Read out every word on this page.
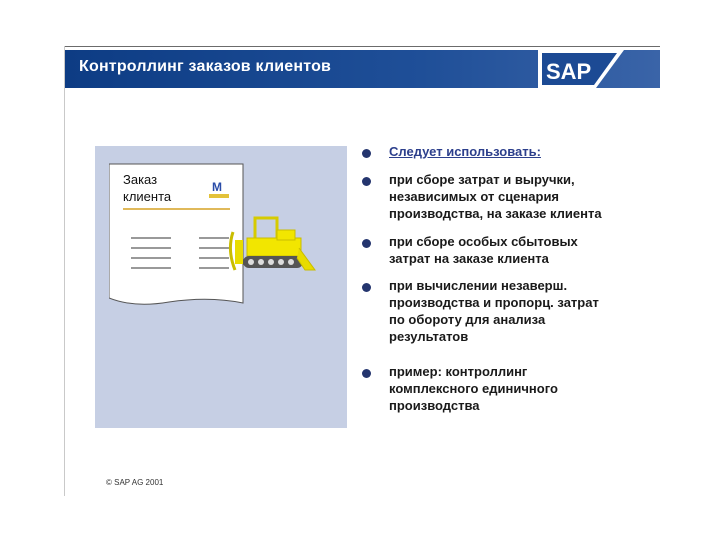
Контроллинг заказов клиентов	SAP
Заказ
клиента
M
Следует использовать:
при сборе затрат и выручки,
независимых от сценария
производства, на заказе клиента
при сборе особых сбытовых
затрат на заказе клиента
при вычислении незаверш.
производства и пропорц. затрат
по обороту для анализа
результатов
пример: контроллинг
комплексного единичного
производства
© SAP AG 2001
